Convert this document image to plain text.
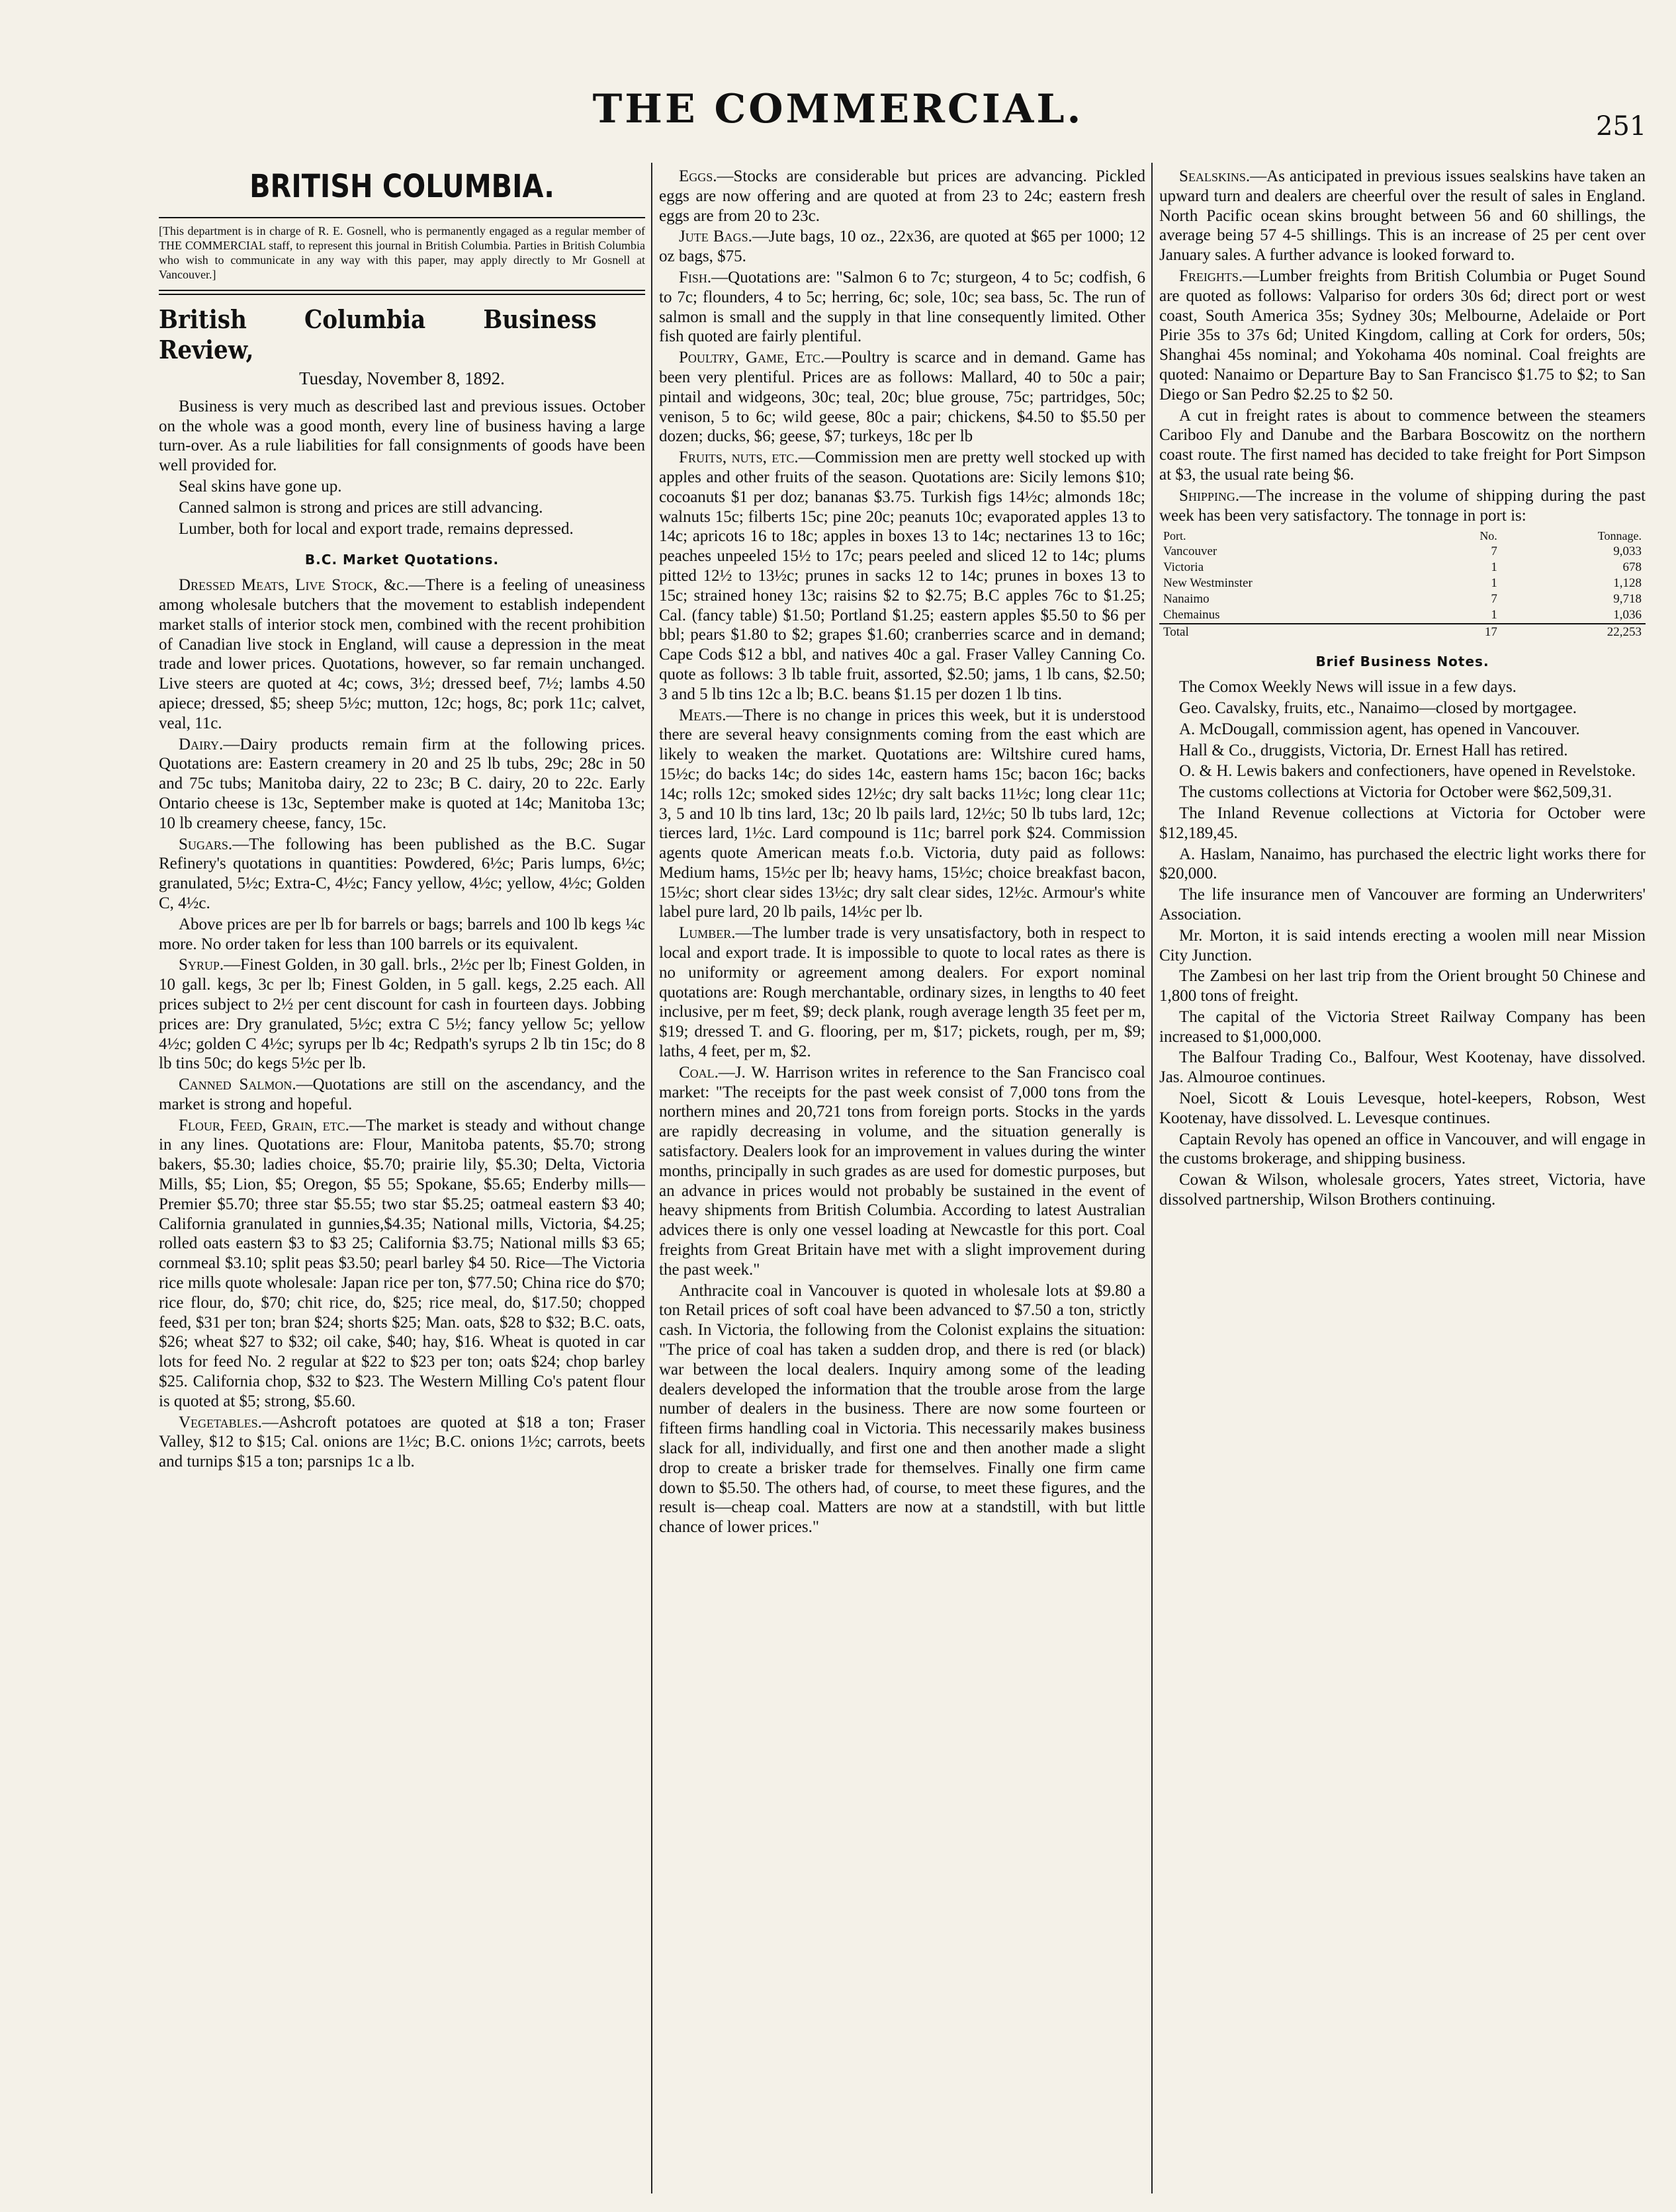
THE COMMERCIAL.	251
BRITISH COLUMBIA.
[This department is in charge of R. E. Gosnell, who is permanently engaged as a regular member of THE COMMERCIAL staff, to represent this journal in British Columbia. Parties in British Columbia who wish to communicate in any way with this paper, may apply directly to Mr Gosnell at Vancouver.]
British Columbia Business Review,
Tuesday, November 8, 1892.

Business is very much as described last and previous issues. October on the whole was a good month, every line of business having a large turn-over. As a rule liabilities for fall consignments of goods have been well provided for.

Seal skins have gone up.

Canned salmon is strong and prices are still advancing.

Lumber, both for local and export trade, remains depressed.

B.C. Market Quotations.

Dressed Meats, Live Stock, &c.—There is a feeling of uneasiness among wholesale butchers that the movement to establish independent market stalls of interior stock men, combined with the recent prohibition of Canadian live stock in England, will cause a depression in the meat trade and lower prices. Quotations, however, so far remain unchanged. Live steers are quoted at 4c; cows, 3½; dressed beef, 7½; lambs 4.50 apiece; dressed, $5; sheep 5½c; mutton, 12c; hogs, 8c; pork 11c; calvet, veal, 11c.

Dairy.—Dairy products remain firm at the following prices. Quotations are: Eastern creamery in 20 and 25 lb tubs, 29c; 28c in 50 and 75c tubs; Manitoba dairy, 22 to 23c; B C. dairy, 20 to 22c. Early Ontario cheese is 13c, September make is quoted at 14c; Manitoba 13c; 10 lb creamery cheese, fancy, 15c.

Sugars.—The following has been published as the B.C. Sugar Refinery's quotations in quantities: Powdered, 6½c; Paris lumps, 6½c; granulated, 5½c; Extra-C, 4½c; Fancy yellow, 4½c; yellow, 4½c; Golden C, 4½c.

Above prices are per lb for barrels or bags; barrels and 100 lb kegs ¼c more. No order taken for less than 100 barrels or its equivalent.

Syrup.—Finest Golden, in 30 gall. brls., 2½c per lb; Finest Golden, in 10 gall. kegs, 3c per lb; Finest Golden, in 5 gall. kegs, 2.25 each. All prices subject to 2½ per cent discount for cash in fourteen days. Jobbing prices are: Dry granulated, 5½c; extra C 5½; fancy yellow 5c; yellow 4½c; golden C 4½c; syrups per lb 4c; Redpath's syrups 2 lb tin 15c; do 8 lb tins 50c; do kegs 5½c per lb.

Canned Salmon.—Quotations are still on the ascendancy, and the market is strong and hopeful.

Flour, Feed, Grain, etc.—The market is steady and without change in any lines. Quotations are: Flour, Manitoba patents, $5.70; strong bakers, $5.30; ladies choice, $5.70; prairie lily, $5.30; Delta, Victoria Mills, $5; Lion, $5; Oregon, $5 55; Spokane, $5.65; Enderby mills—Premier $5.70; three star $5.55; two star $5.25; oatmeal eastern $3 40; California granulated in gunnies,$4.35; National mills, Victoria, $4.25; rolled oats eastern $3 to $3 25; California $3.75; National mills $3 65; cornmeal $3.10; split peas $3.50; pearl barley $4 50. Rice—The Victoria rice mills quote wholesale: Japan rice per ton, $77.50; China rice do $70; rice flour, do, $70; chit rice, do, $25; rice meal, do, $17.50; chopped feed, $31 per ton; bran $24; shorts $25; Man. oats, $28 to $32; B.C. oats, $26; wheat $27 to $32; oil cake, $40; hay, $16. Wheat is quoted in car lots for feed No. 2 regular at $22 to $23 per ton; oats $24; chop barley $25. California chop, $32 to $23. The Western Milling Co's patent flour is quoted at $5; strong, $5.60.

Vegetables.—Ashcroft potatoes are quoted at $18 a ton; Fraser Valley, $12 to $15; Cal. onions are 1½c; B.C. onions 1½c; carrots, beets and turnips $15 a ton; parsnips 1c a lb.

Eggs.—Stocks are considerable but prices are advancing. Pickled eggs are now offering and are quoted at from 23 to 24c; eastern fresh eggs are from 20 to 23c.

Jute Bags.—Jute bags, 10 oz., 22x36, are quoted at $65 per 1000; 12 oz bags, $75.

Fish.—Quotations are: "Salmon 6 to 7c; sturgeon, 4 to 5c; codfish, 6 to 7c; flounders, 4 to 5c; herring, 6c; sole, 10c; sea bass, 5c. The run of salmon is small and the supply in that line consequently limited. Other fish quoted are fairly plentiful.

Poultry, Game, Etc.—Poultry is scarce and in demand. Game has been very plentiful. Prices are as follows: Mallard, 40 to 50c a pair; pintail and widgeons, 30c; teal, 20c; blue grouse, 75c; partridges, 50c; venison, 5 to 6c; wild geese, 80c a pair; chickens, $4.50 to $5.50 per dozen; ducks, $6; geese, $7; turkeys, 18c per lb

Fruits, nuts, etc.—Commission men are pretty well stocked up with apples and other fruits of the season. Quotations are: Sicily lemons $10; cocoanuts $1 per doz; bananas $3.75. Turkish figs 14½c; almonds 18c; walnuts 15c; filberts 15c; pine 20c; peanuts 10c; evaporated apples 13 to 14c; apricots 16 to 18c; apples in boxes 13 to 14c; nectarines 13 to 16c; peaches unpeeled 15½ to 17c; pears peeled and sliced 12 to 14c; plums pitted 12½ to 13½c; prunes in sacks 12 to 14c; prunes in boxes 13 to 15c; strained honey 13c; raisins $2 to $2.75; B.C apples 76c to $1.25; Cal. (fancy table) $1.50; Portland $1.25; eastern apples $5.50 to $6 per bbl; pears $1.80 to $2; grapes $1.60; cranberries scarce and in demand; Cape Cods $12 a bbl, and natives 40c a gal. Fraser Valley Canning Co. quote as follows: 3 lb table fruit, assorted, $2.50; jams, 1 lb cans, $2.50; 3 and 5 lb tins 12c a lb; B.C. beans $1.15 per dozen 1 lb tins.

Meats.—There is no change in prices this week, but it is understood there are several heavy consignments coming from the east which are likely to weaken the market. Quotations are: Wiltshire cured hams, 15½c; do backs 14c; do sides 14c, eastern hams 15c; bacon 16c; backs 14c; rolls 12c; smoked sides 12½c; dry salt backs 11½c; long clear 11c; 3, 5 and 10 lb tins lard, 13c; 20 lb pails lard, 12½c; 50 lb tubs lard, 12c; tierces lard, 1½c. Lard compound is 11c; barrel pork $24. Commission agents quote American meats f.o.b. Victoria, duty paid as follows: Medium hams, 15½c per lb; heavy hams, 15½c; choice breakfast bacon, 15½c; short clear sides 13½c; dry salt clear sides, 12½c. Armour's white label pure lard, 20 lb pails, 14½c per lb.

Lumber.—The lumber trade is very unsatisfactory, both in respect to local and export trade. It is impossible to quote to local rates as there is no uniformity or agreement among dealers. For export nominal quotations are: Rough merchantable, ordinary sizes, in lengths to 40 feet inclusive, per m feet, $9; deck plank, rough average length 35 feet per m, $19; dressed T. and G. flooring, per m, $17; pickets, rough, per m, $9; laths, 4 feet, per m, $2.

Coal.—J. W. Harrison writes in reference to the San Francisco coal market: "The receipts for the past week consist of 7,000 tons from the northern mines and 20,721 tons from foreign ports. Stocks in the yards are rapidly decreasing in volume, and the situation generally is satisfactory. Dealers look for an improvement in values during the winter months, principally in such grades as are used for domestic purposes, but an advance in prices would not probably be sustained in the event of heavy shipments from British Columbia. According to latest Australian advices there is only one vessel loading at Newcastle for this port. Coal freights from Great Britain have met with a slight improvement during the past week."

Anthracite coal in Vancouver is quoted in wholesale lots at $9.80 a ton Retail prices of soft coal have been advanced to $7.50 a ton, strictly cash. In Victoria, the following from the Colonist explains the situation: "The price of coal has taken a sudden drop, and there is red (or black) war between the local dealers. Inquiry among some of the leading dealers developed the information that the trouble arose from the large number of dealers in the business. There are now some fourteen or fifteen firms handling coal in Victoria. This necessarily makes business slack for all, individually, and first one and then another made a slight drop to create a brisker trade for themselves. Finally one firm came down to $5.50. The others had, of course, to meet these figures, and the result is—cheap coal. Matters are now at a standstill, with but little chance of lower prices."

Sealskins.—As anticipated in previous issues sealskins have taken an upward turn and dealers are cheerful over the result of sales in England. North Pacific ocean skins brought between 56 and 60 shillings, the average being 57 4-5 shillings. This is an increase of 25 per cent over January sales. A further advance is looked forward to.

Freights.—Lumber freights from British Columbia or Puget Sound are quoted as follows: Valpariso for orders 30s 6d; direct port or west coast, South America 35s; Sydney 30s; Melbourne, Adelaide or Port Pirie 35s to 37s 6d; United Kingdom, calling at Cork for orders, 50s; Shanghai 45s nominal; and Yokohama 40s nominal. Coal freights are quoted: Nanaimo or Departure Bay to San Francisco $1.75 to $2; to San Diego or San Pedro $2.25 to $2 50.

A cut in freight rates is about to commence between the steamers Cariboo Fly and Danube and the Barbara Boscowitz on the northern coast route. The first named has decided to take freight for Port Simpson at $3, the usual rate being $6.

Shipping.—The increase in the volume of shipping during the past week has been very satisfactory. The tonnage in port is:

Port.	No.	Tonnage.
Vancouver	7	9,033
Victoria	1	678
New Westminster	1	1,128
Nanaimo	7	9,718
Chemainus	1	1,036
Total	17	22,253
Brief Business Notes.

The Comox Weekly News will issue in a few days.

Geo. Cavalsky, fruits, etc., Nanaimo—closed by mortgagee.

A. McDougall, commission agent, has opened in Vancouver.

Hall & Co., druggists, Victoria, Dr. Ernest Hall has retired.

O. & H. Lewis bakers and confectioners, have opened in Revelstoke.

The customs collections at Victoria for October were $62,509,31.

The Inland Revenue collections at Victoria for October were $12,189,45.

A. Haslam, Nanaimo, has purchased the electric light works there for $20,000.

The life insurance men of Vancouver are forming an Underwriters' Association.

Mr. Morton, it is said intends erecting a woolen mill near Mission City Junction.

The Zambesi on her last trip from the Orient brought 50 Chinese and 1,800 tons of freight.

The capital of the Victoria Street Railway Company has been increased to $1,000,000.

The Balfour Trading Co., Balfour, West Kootenay, have dissolved. Jas. Almouroe continues.

Noel, Sicott & Louis Levesque, hotel-keepers, Robson, West Kootenay, have dissolved. L. Levesque continues.

Captain Revoly has opened an office in Vancouver, and will engage in the customs brokerage, and shipping business.

Cowan & Wilson, wholesale grocers, Yates street, Victoria, have dissolved partnership, Wilson Brothers continuing.
